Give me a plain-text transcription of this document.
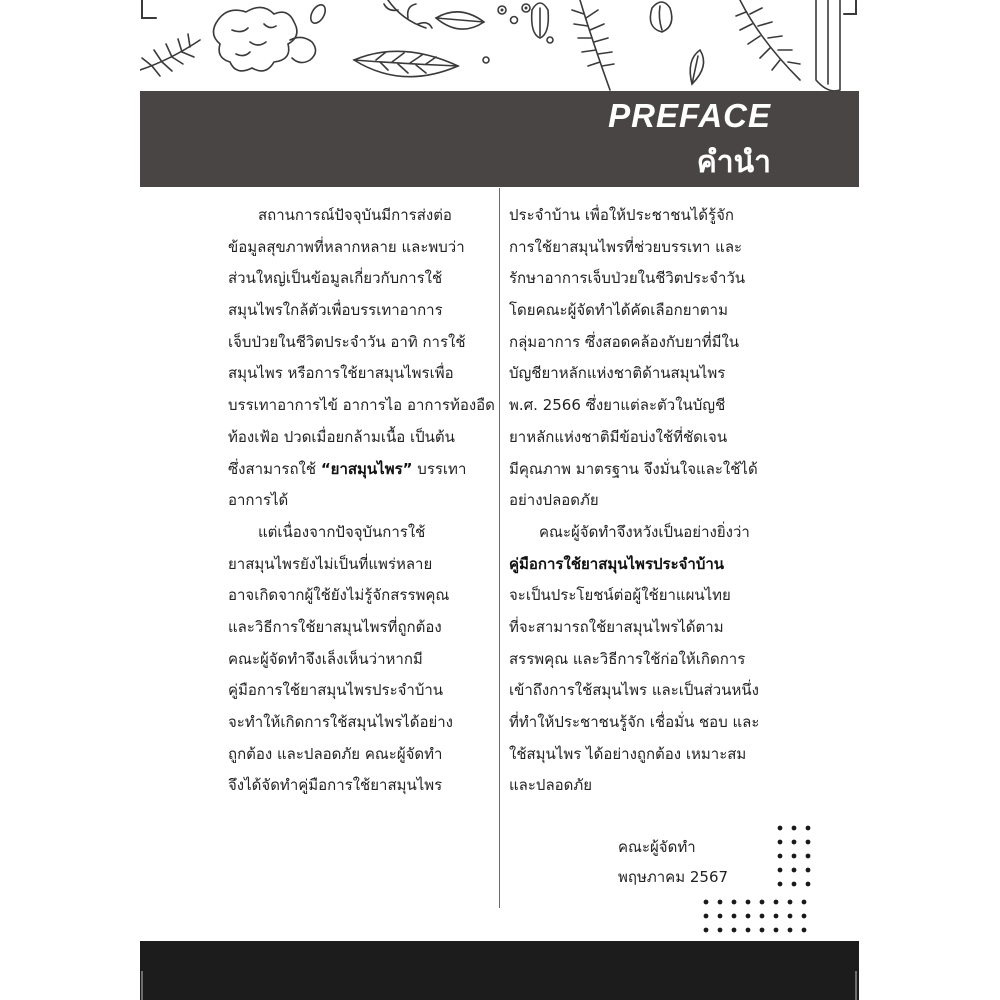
PREFACE
คำนำ

สถานการณ์ปัจจุบันมีการส่งต่อ
ข้อมูลสุขภาพที่หลากหลาย และพบว่า
ส่วนใหญ่เป็นข้อมูลเกี่ยวกับการใช้
สมุนไพรใกล้ตัวเพื่อบรรเทาอาการ
เจ็บป่วยในชีวิตประจำวัน อาทิ การใช้
สมุนไพร หรือการใช้ยาสมุนไพรเพื่อ
บรรเทาอาการไข้ อาการไอ อาการท้องอืด
ท้องเฟ้อ ปวดเมื่อยกล้ามเนื้อ เป็นต้น
ซึ่งสามารถใช้ “ยาสมุนไพร” บรรเทา
อาการได้

แต่เนื่องจากปัจจุบันการใช้
ยาสมุนไพรยังไม่เป็นที่แพร่หลาย
อาจเกิดจากผู้ใช้ยังไม่รู้จักสรรพคุณ
และวิธีการใช้ยาสมุนไพรที่ถูกต้อง
คณะผู้จัดทำจึงเล็งเห็นว่าหากมี
คู่มือการใช้ยาสมุนไพรประจำบ้าน
จะทำให้เกิดการใช้สมุนไพรได้อย่าง
ถูกต้อง และปลอดภัย คณะผู้จัดทำ
จึงได้จัดทำคู่มือการใช้ยาสมุนไพร

ประจำบ้าน เพื่อให้ประชาชนได้รู้จัก
การใช้ยาสมุนไพรที่ช่วยบรรเทา และ
รักษาอาการเจ็บป่วยในชีวิตประจำวัน
โดยคณะผู้จัดทำได้คัดเลือกยาตาม
กลุ่มอาการ ซึ่งสอดคล้องกับยาที่มีใน
บัญชียาหลักแห่งชาติด้านสมุนไพร
พ.ศ. 2566 ซึ่งยาแต่ละตัวในบัญชี
ยาหลักแห่งชาติมีข้อบ่งใช้ที่ชัดเจน
มีคุณภาพ มาตรฐาน จึงมั่นใจและใช้ได้
อย่างปลอดภัย

คณะผู้จัดทำจึงหวังเป็นอย่างยิ่งว่า
คู่มือการใช้ยาสมุนไพรประจำบ้าน
จะเป็นประโยชน์ต่อผู้ใช้ยาแผนไทย
ที่จะสามารถใช้ยาสมุนไพรได้ตาม
สรรพคุณ และวิธีการใช้ก่อให้เกิดการ
เข้าถึงการใช้สมุนไพร และเป็นส่วนหนึ่ง
ที่ทำให้ประชาชนรู้จัก เชื่อมั่น ชอบ และ
ใช้สมุนไพร ได้อย่างถูกต้อง เหมาะสม
และปลอดภัย

คณะผู้จัดทำ
พฤษภาคม 2567
